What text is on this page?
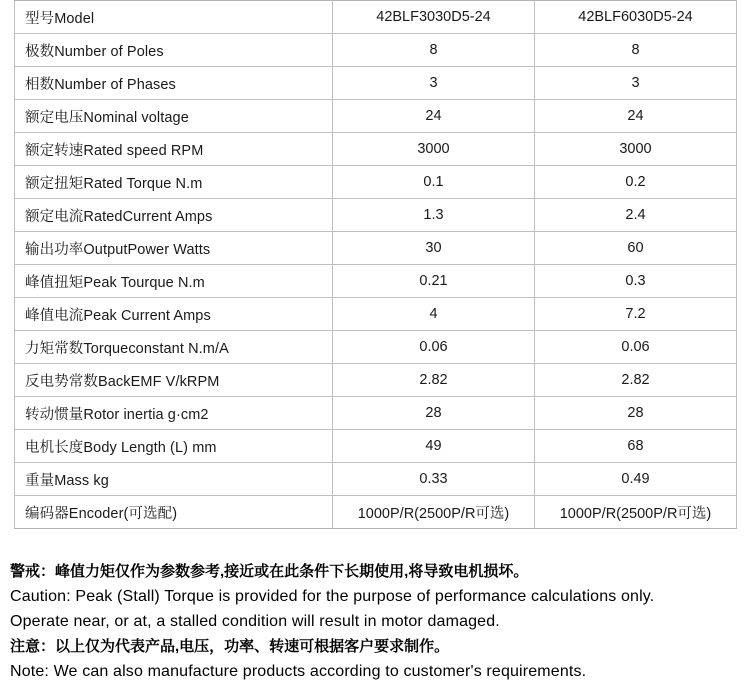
型号Model	42BLF3030D5-24	42BLF6030D5-24
极数Number of Poles	8	8
相数Number of Phases	3	3
额定电压Nominal voltage	24	24
额定转速Rated speed RPM	3000	3000
额定扭矩Rated Torque N.m	0.1	0.2
额定电流RatedCurrent Amps	1.3	2.4
输出功率OutputPower Watts	30	60
峰值扭矩Peak Tourque N.m	0.21	0.3
峰值电流Peak Current Amps	4	7.2
力矩常数Torqueconstant N.m/A	0.06	0.06
反电势常数BackEMF V/kRPM	2.82	2.82
转动惯量Rotor inertia g·cm2	28	28
电机长度Body Length (L) mm	49	68
重量Mass kg	0.33	0.49
编码器Encoder(可选配)	1000P/R(2500P/R可选)	1000P/R(2500P/R可选)
警戒：峰值力矩仅作为参数参考,接近或在此条件下长期使用,将导致电机损坏。
Caution: Peak (Stall) Torque is provided for the purpose of performance calculations only.
Operate near, or at, a stalled condition will result in motor damaged.
注意：以上仅为代表产品,电压，功率、转速可根据客户要求制作。
Note: We can also manufacture products according to customer's requirements.
